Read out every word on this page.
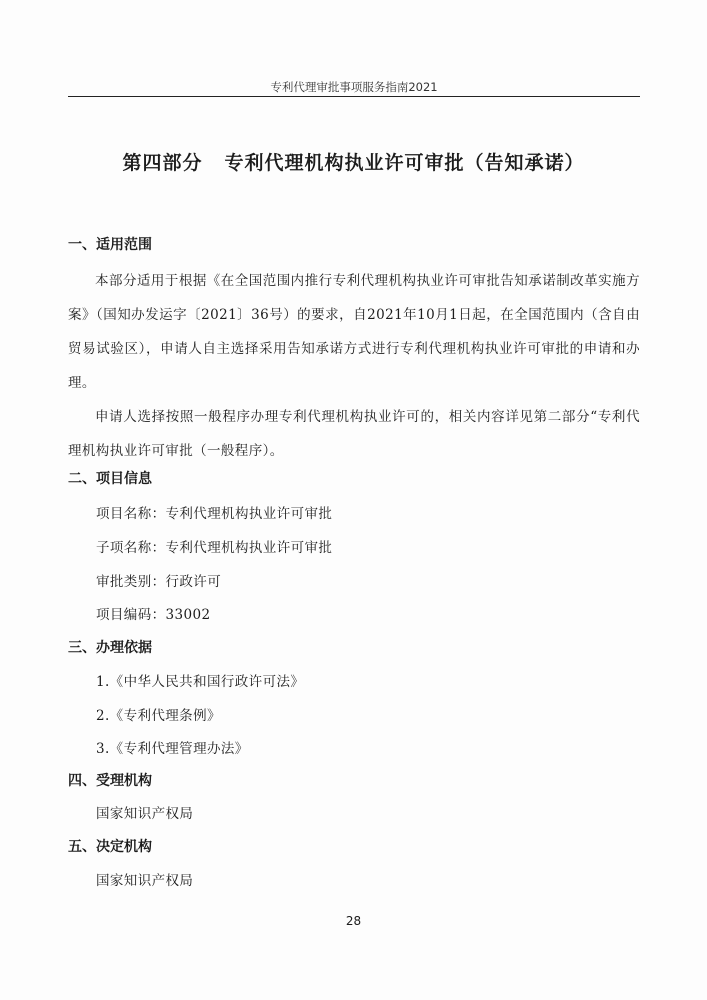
专利代理审批事项服务指南2021
第四部分 专利代理机构执业许可审批（告知承诺）
一、适用范围
本部分适用于根据《在全国范围内推行专利代理机构执业许可审批告知承诺制改革实施方案》（国知办发运字〔2021〕36号）的要求，自2021年10月1日起，在全国范围内（含自由贸易试验区），申请人自主选择采用告知承诺方式进行专利代理机构执业许可审批的申请和办理。
申请人选择按照一般程序办理专利代理机构执业许可的，相关内容详见第二部分“专利代理机构执业许可审批（一般程序）。
二、项目信息
项目名称：专利代理机构执业许可审批
子项名称：专利代理机构执业许可审批
审批类别：行政许可
项目编码：33002
三、办理依据
1.《中华人民共和国行政许可法》
2.《专利代理条例》
3.《专利代理管理办法》
四、受理机构
国家知识产权局
五、决定机构
国家知识产权局
28
